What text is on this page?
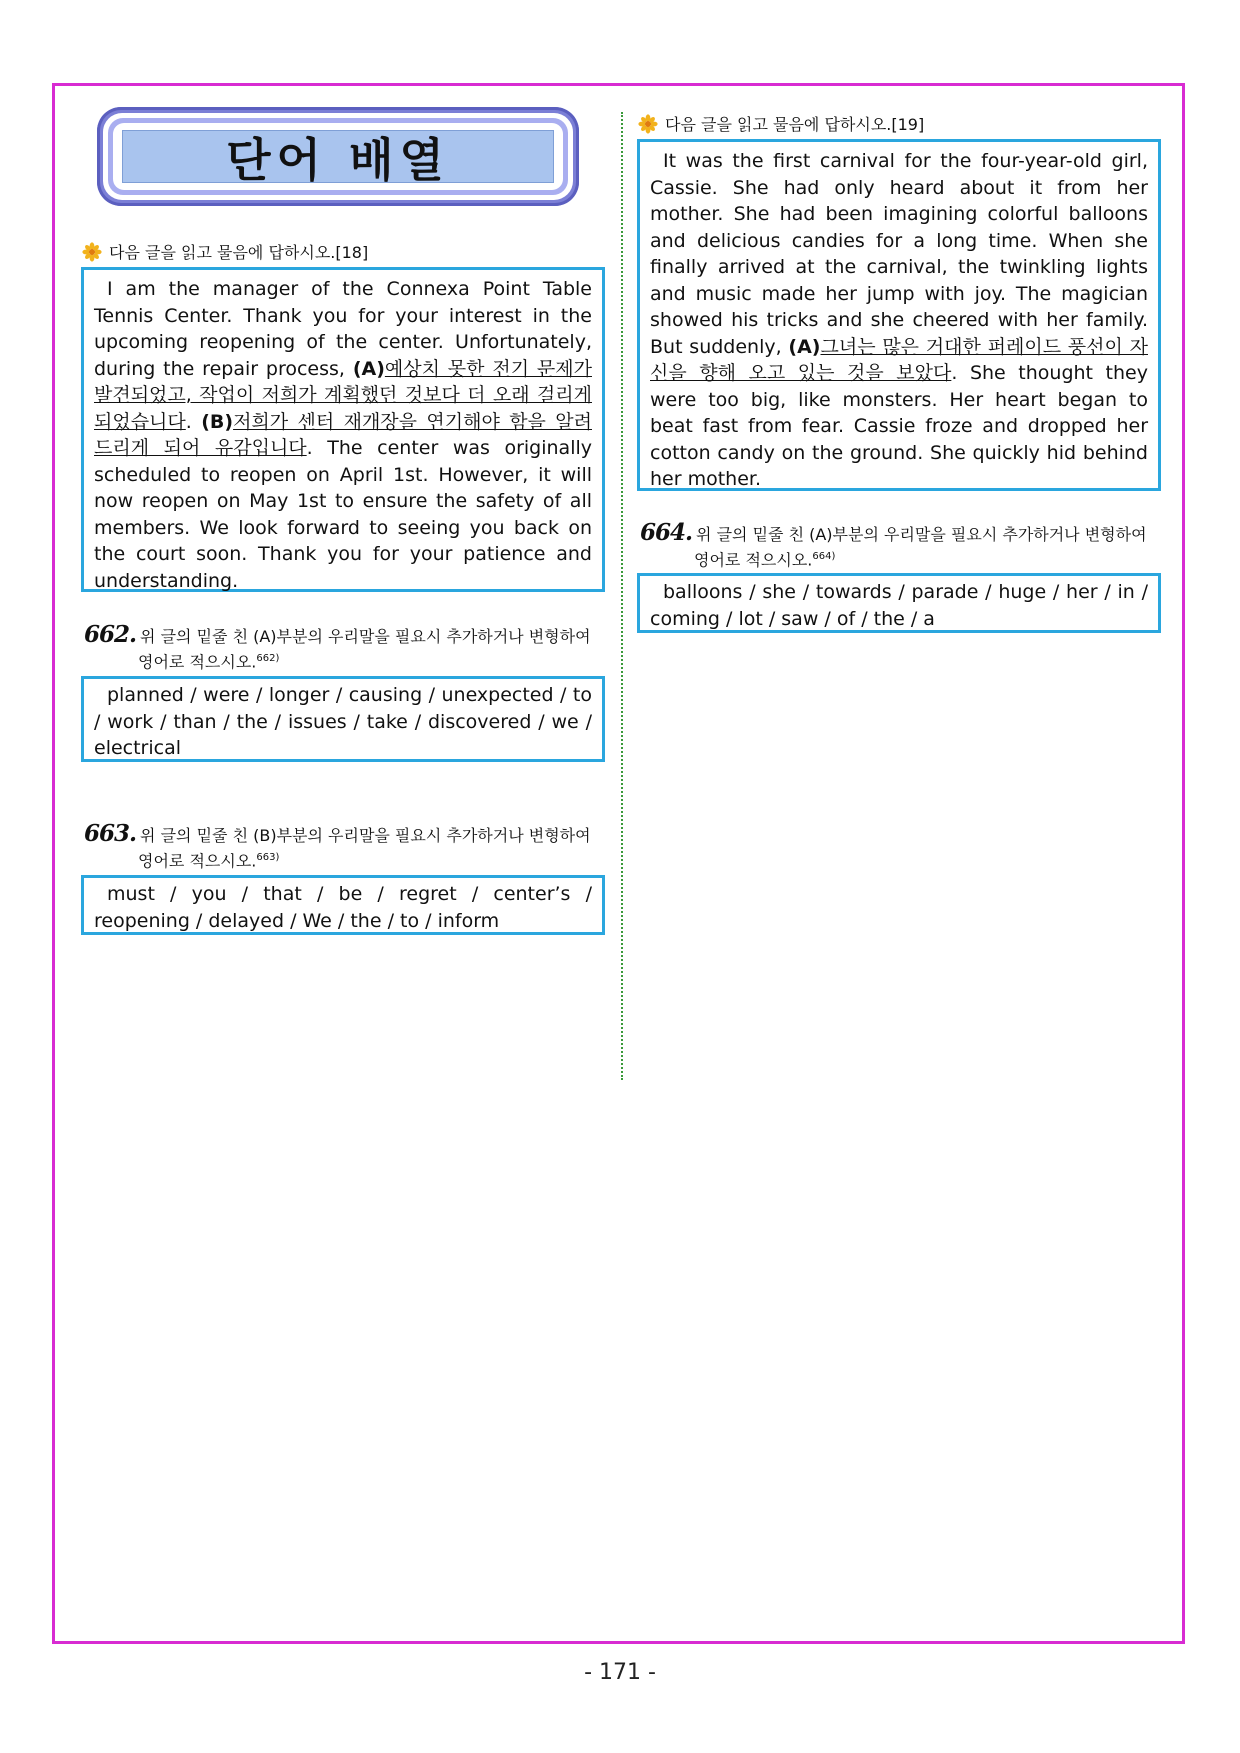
단어 배열
다음 글을 읽고 물음에 답하시오.[18]

I am the manager of the Connexa Point Table Tennis Center. Thank you for your interest in the upcoming reopening of the center. Unfortunately, during the repair process, (A)예상치 못한 전기 문제가 발견되었고, 작업이 저희가 계획했던 것보다 더 오래 걸리게 되었습니다. (B)저희가 센터 재개장을 연기해야 함을 알려 드리게 되어 유감입니다. The center was originally scheduled to reopen on April 1st. However, it will now reopen on May 1st to ensure the safety of all members. We look forward to seeing you back on the court soon. Thank you for your patience and understanding.

662. 위 글의 밑줄 친 (A)부분의 우리말을 필요시 추가하거나 변형하여
영어로 적으시오.$^{662)}$

planned / were / longer / causing / unexpected / to / work / than / the / issues / take / discovered / we / electrical

663. 위 글의 밑줄 친 (B)부분의 우리말을 필요시 추가하거나 변형하여
영어로 적으시오.$^{663)}$

must / you / that / be / regret / center’s / reopening / delayed / We / the / to / inform

다음 글을 읽고 물음에 답하시오.[19]

It was the first carnival for the four-year-old girl, Cassie. She had only heard about it from her mother. She had been imagining colorful balloons and delicious candies for a long time. When she finally arrived at the carnival, the twinkling lights and music made her jump with joy. The magician showed his tricks and she cheered with her family. But suddenly, (A)그녀는 많은 거대한 퍼레이드 풍선이 자신을 향해 오고 있는 것을 보았다. She thought they were too big, like monsters. Her heart began to beat fast from fear. Cassie froze and dropped her cotton candy on the ground. She quickly hid behind her mother.

664. 위 글의 밑줄 친 (A)부분의 우리말을 필요시 추가하거나 변형하여
영어로 적으시오.$^{664)}$

balloons / she / towards / parade / huge / her / in / coming / lot / saw / of / the / a

- 171 -
